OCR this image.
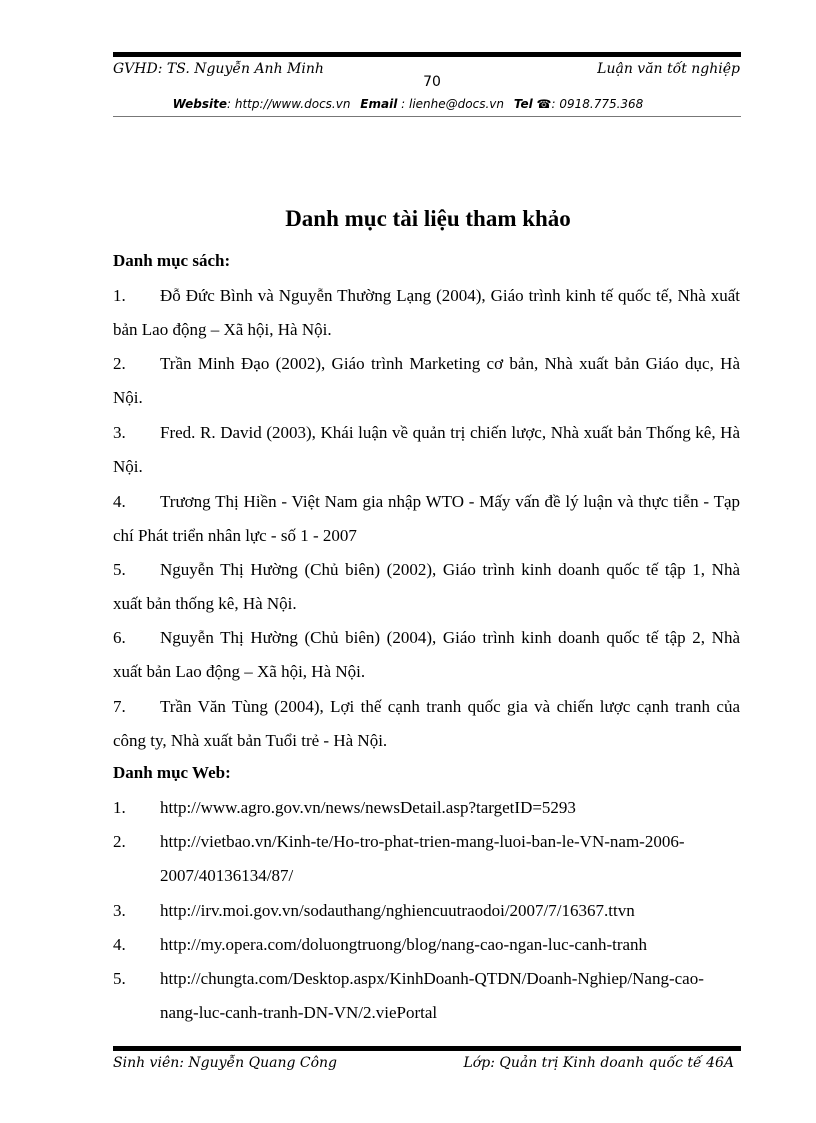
GVHD: TS. Nguyễn Anh Minh	Luận văn tốt nghiệp
70
Website: http://www.docs.vn Email : lienhe@docs.vn Tel ☎: 0918.775.368
Danh mục tài liệu tham khảo
Danh mục sách:
1.	Đỗ Đức Bình và Nguyễn Thường Lạng (2004), Giáo trình kinh tế quốc tế, Nhà xuất bản Lao động – Xã hội, Hà Nội.
2.	Trần Minh Đạo (2002), Giáo trình Marketing cơ bản, Nhà xuất bản Giáo dục, Hà Nội.
3.	Fred. R. David (2003), Khái luận về quản trị chiến lược, Nhà xuất bản Thống kê, Hà Nội.
4.	Trương Thị Hiền - Việt Nam gia nhập WTO - Mấy vấn đề lý luận và thực tiễn - Tạp chí Phát triển nhân lực - số 1 - 2007
5.	Nguyễn Thị Hường (Chủ biên) (2002), Giáo trình kinh doanh quốc tế tập 1, Nhà xuất bản thống kê, Hà Nội.
6.	Nguyễn Thị Hường (Chủ biên) (2004), Giáo trình kinh doanh quốc tế tập 2, Nhà xuất bản Lao động – Xã hội, Hà Nội.
7.	Trần Văn Tùng (2004), Lợi thế cạnh tranh quốc gia và chiến lược cạnh tranh của công ty, Nhà xuất bản Tuổi trẻ - Hà Nội.
Danh mục Web:
1. http://www.agro.gov.vn/news/newsDetail.asp?targetID=5293
2. http://vietbao.vn/Kinh-te/Ho-tro-phat-trien-mang-luoi-ban-le-VN-nam-2006-2007/40136134/87/
3. http://irv.moi.gov.vn/sodauthang/nghiencuutraodoi/2007/7/16367.ttvn
4. http://my.opera.com/doluongtruong/blog/nang-cao-ngan-luc-canh-tranh
5. http://chungta.com/Desktop.aspx/KinhDoanh-QTDN/Doanh-Nghiep/Nang-cao-nang-luc-canh-tranh-DN-VN/2.viePortal
Sinh viên: Nguyễn Quang Công	Lớp: Quản trị Kinh doanh quốc tế 46A
